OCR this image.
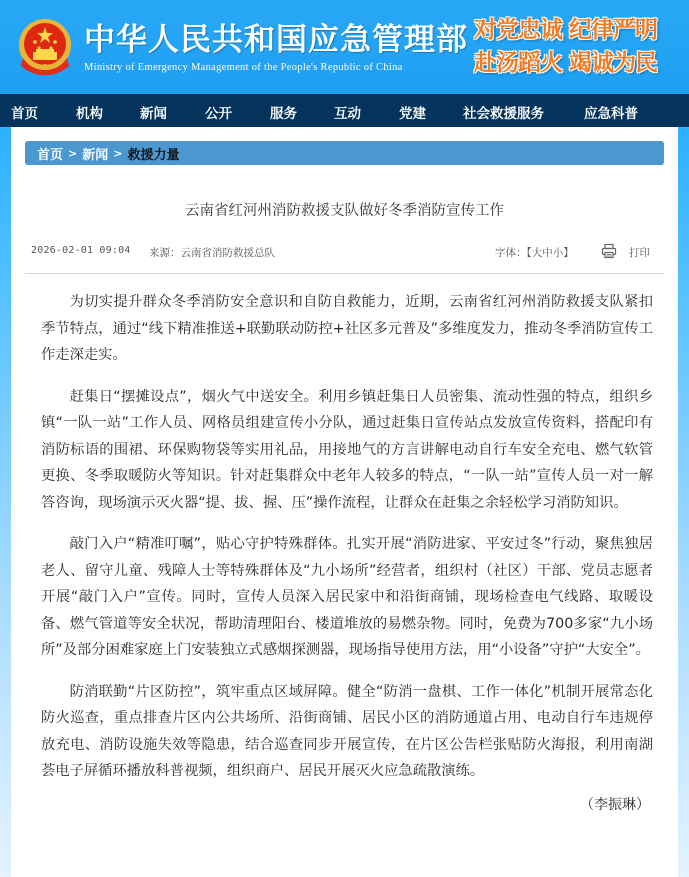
中华人民共和国应急管理部
Ministry of Emergency Management of the People's Republic of China
对党忠诚 纪律严明
赴汤蹈火 竭诚为民
首页	机构	新闻	公开	服务	互动	党建	社会救援服务	应急科普
首页 > 新闻 > 救援力量
云南省红河州消防救援支队做好冬季消防宣传工作
2026-02-01 09:04 来源：云南省消防救援总队	字体：【大中小】	打印

为切实提升群众冬季消防安全意识和自防自救能力，近期，云南省红河州消防救援支队紧扣季节特点，通过“线下精准推送+联勤联动防控+社区多元普及”多维度发力，推动冬季消防宣传工作走深走实。

赶集日“摆摊设点”，烟火气中送安全。利用乡镇赶集日人员密集、流动性强的特点，组织乡镇“一队一站”工作人员、网格员组建宣传小分队，通过赶集日宣传站点发放宣传资料，搭配印有消防标语的围裙、环保购物袋等实用礼品，用接地气的方言讲解电动自行车安全充电、燃气软管更换、冬季取暖防火等知识。针对赶集群众中老年人较多的特点，“一队一站”宣传人员一对一解答咨询，现场演示灭火器“提、拔、握、压”操作流程，让群众在赶集之余轻松学习消防知识。

敲门入户“精准叮嘱”，贴心守护特殊群体。扎实开展“消防进家、平安过冬”行动，聚焦独居老人、留守儿童、残障人士等特殊群体及“九小场所”经营者，组织村（社区）干部、党员志愿者开展“敲门入户”宣传。同时，宣传人员深入居民家中和沿街商铺，现场检查电气线路、取暖设备、燃气管道等安全状况，帮助清理阳台、楼道堆放的易燃杂物。同时，免费为700多家“九小场所”及部分困难家庭上门安装独立式感烟探测器，现场指导使用方法，用“小设备”守护“大安全”。

防消联勤“片区防控”，筑牢重点区域屏障。健全“防消一盘棋、工作一体化”机制开展常态化防火巡查，重点排查片区内公共场所、沿街商铺、居民小区的消防通道占用、电动自行车违规停放充电、消防设施失效等隐患，结合巡查同步开展宣传，在片区公告栏张贴防火海报，利用南湖荟电子屏循环播放科普视频，组织商户、居民开展灭火应急疏散演练。

（李振琳）
